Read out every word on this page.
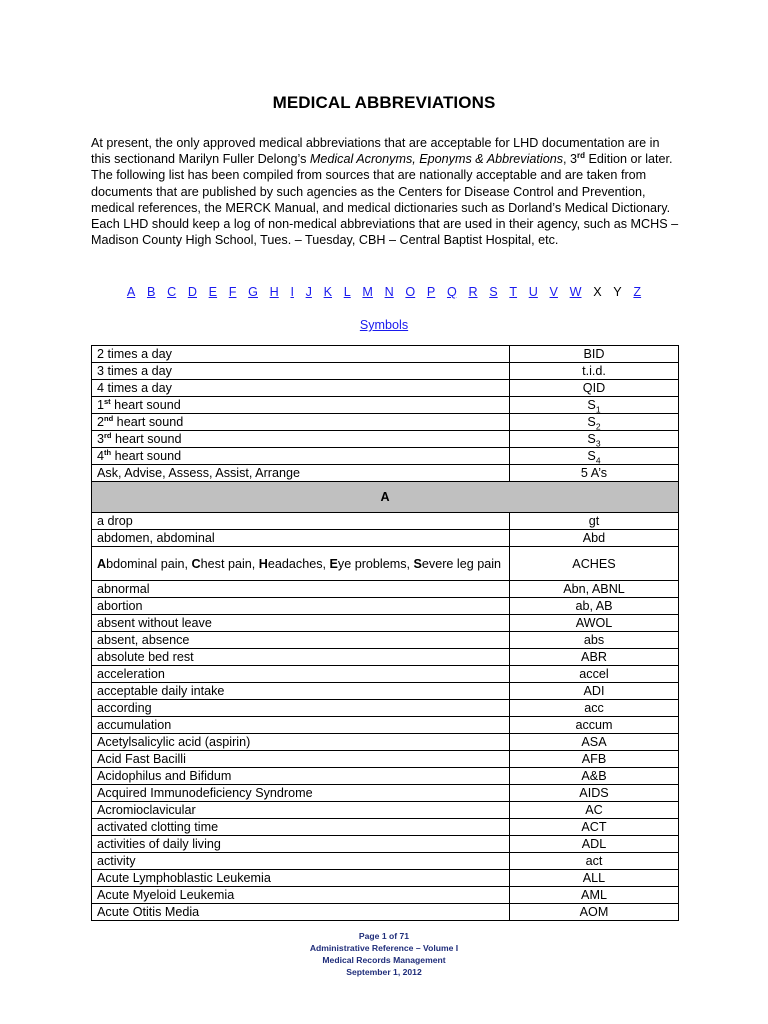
MEDICAL ABBREVIATIONS
At present, the only approved medical abbreviations that are acceptable for LHD documentation are in this sectionand Marilyn Fuller Delong’s Medical Acronyms, Eponyms & Abbreviations, 3rd Edition or later. The following list has been compiled from sources that are nationally acceptable and are taken from documents that are published by such agencies as the Centers for Disease Control and Prevention, medical references, the MERCK Manual, and medical dictionaries such as Dorland’s Medical Dictionary. Each LHD should keep a log of non-medical abbreviations that are used in their agency, such as MCHS – Madison County High School, Tues. – Tuesday, CBH – Central Baptist Hospital, etc.
A B C D E F G H I J K L M N O P Q R S T U V W X Y Z
Symbols
2 times a day	BID
3 times a day	t.i.d.
4 times a day	QID
1st heart sound	$S_1$
2nd heart sound	$S_2$
3rd heart sound	$S_3$
4th heart sound	$S_4$
Ask, Advise, Assess, Assist, Arrange	5 A’s
A	
a drop	gt
abdomen, abdominal	Abd
Abdominal pain, Chest pain, Headaches, Eye problems, Severe leg pain	ACHES
abnormal	Abn, ABNL
abortion	ab, AB
absent without leave	AWOL
absent, absence	abs
absolute bed rest	ABR
acceleration	accel
acceptable daily intake	ADI
according	acc
accumulation	accum
Acetylsalicylic acid (aspirin)	ASA
Acid Fast Bacilli	AFB
Acidophilus and Bifidum	A&B
Acquired Immunodeficiency Syndrome	AIDS
Acromioclavicular	AC
activated clotting time	ACT
activities of daily living	ADL
activity	act
Acute Lymphoblastic Leukemia	ALL
Acute Myeloid Leukemia	AML
Acute Otitis Media	AOM
Page 1 of 71
Administrative Reference – Volume I
Medical Records Management
September 1, 2012
